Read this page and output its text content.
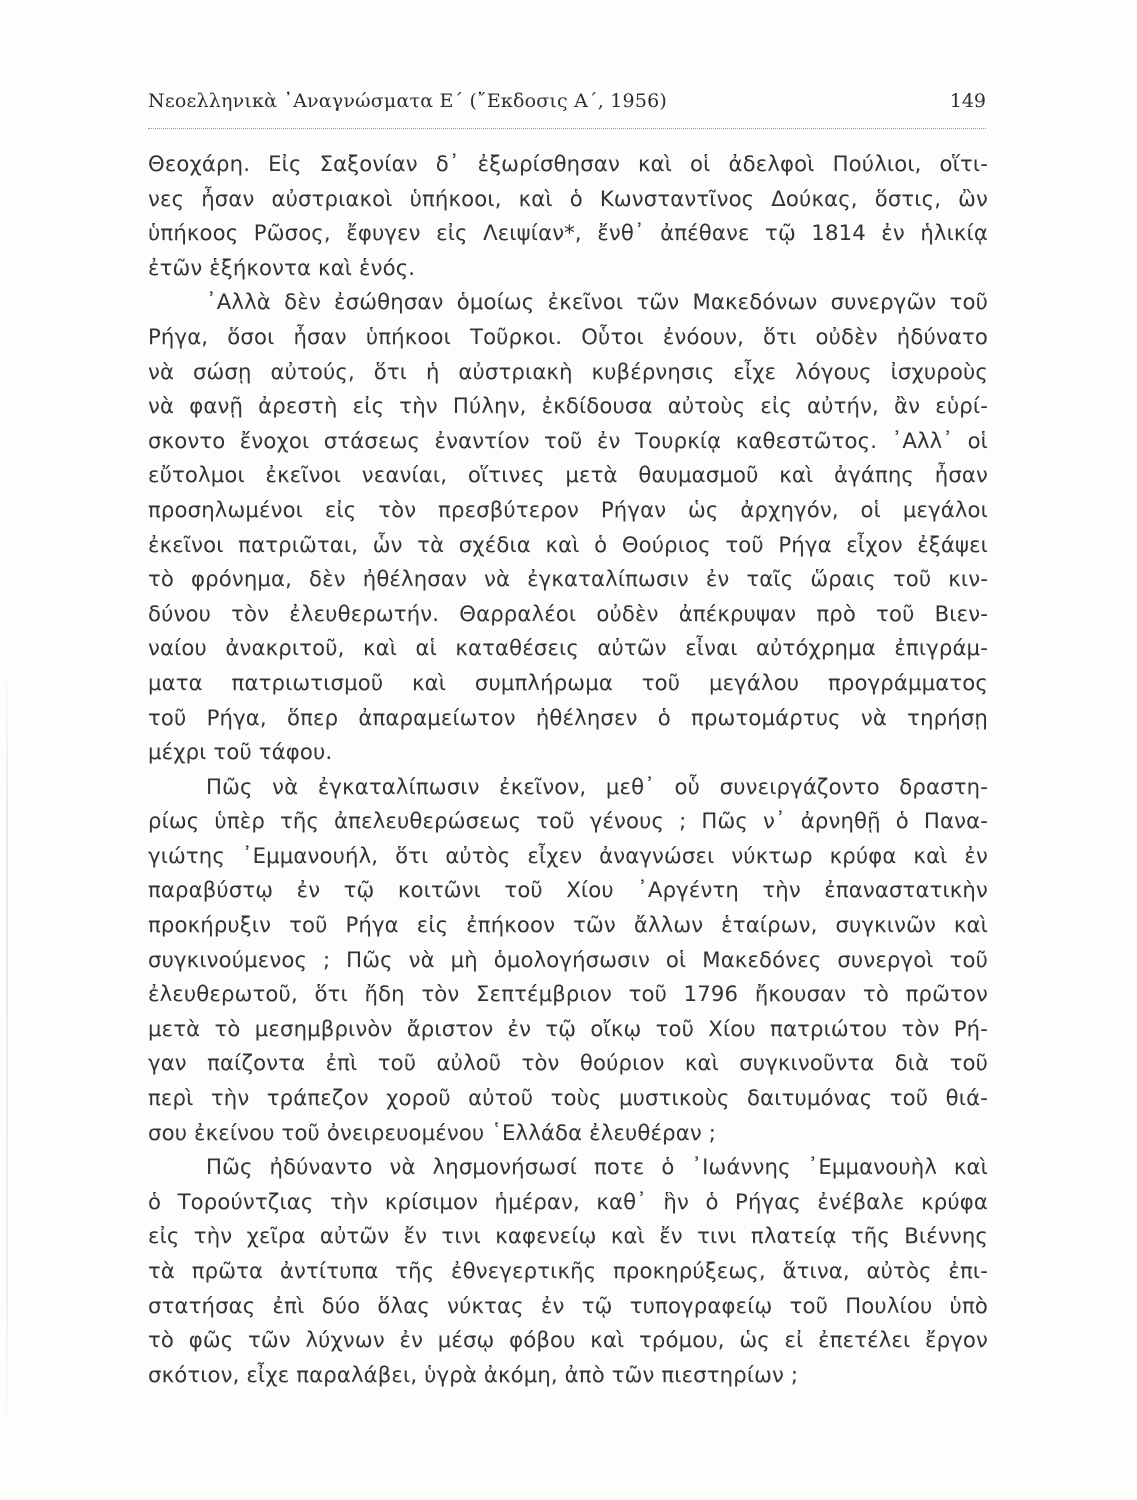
Νεοελληνικὰ ᾿Αναγνώσματα Ε΄ (῎Εκδοσις Α΄, 1956)	149
Θεοχάρη. Εἰς Σαξονίαν δ᾿ ἐξωρίσθησαν καὶ οἱ ἀδελφοὶ Πούλιοι, οἵτι-
νες ἦσαν αὐστριακοὶ ὑπήκοοι, καὶ ὁ Κωνσταντῖνος Δούκας, ὅστις, ὢν
ὑπήκοος Ρῶσος, ἔφυγεν εἰς Λειψίαν*, ἔνθ᾿ ἀπέθανε τῷ 1814 ἐν ἡλικίᾳ
ἐτῶν ἑξήκοντα καὶ ἑνός.
᾿Αλλὰ δὲν ἐσώθησαν ὁμοίως ἐκεῖνοι τῶν Μακεδόνων συνεργῶν τοῦ
Ρήγα, ὅσοι ἦσαν ὑπήκοοι Τοῦρκοι. Οὗτοι ἐνόουν, ὅτι οὐδὲν ἠδύνατο
νὰ σώσῃ αὐτούς, ὅτι ἡ αὐστριακὴ κυβέρνησις εἶχε λόγους ἰσχυροὺς
νὰ φανῇ ἀρεστὴ εἰς τὴν Πύλην, ἐκδίδουσα αὐτοὺς εἰς αὐτήν, ἂν εὑρί-
σκοντο ἔνοχοι στάσεως ἐναντίον τοῦ ἐν Τουρκίᾳ καθεστῶτος. ᾿Αλλ᾿ οἱ
εὔτολμοι ἐκεῖνοι νεανίαι, οἵτινες μετὰ θαυμασμοῦ καὶ ἀγάπης ἦσαν
προσηλωμένοι εἰς τὸν πρεσβύτερον Ρήγαν ὡς ἀρχηγόν, οἱ μεγάλοι
ἐκεῖνοι πατριῶται, ὧν τὰ σχέδια καὶ ὁ Θούριος τοῦ Ρήγα εἶχον ἐξάψει
τὸ φρόνημα, δὲν ἠθέλησαν νὰ ἐγκαταλίπωσιν ἐν ταῖς ὥραις τοῦ κιν-
δύνου τὸν ἐλευθερωτήν. Θαρραλέοι οὐδὲν ἀπέκρυψαν πρὸ τοῦ Βιεν-
ναίου ἀνακριτοῦ, καὶ αἱ καταθέσεις αὐτῶν εἶναι αὐτόχρημα ἐπιγράμ-
ματα πατριωτισμοῦ καὶ συμπλήρωμα τοῦ μεγάλου προγράμματος
τοῦ Ρήγα, ὅπερ ἀπαραμείωτον ἠθέλησεν ὁ πρωτομάρτυς νὰ τηρήσῃ
μέχρι τοῦ τάφου.
Πῶς νὰ ἐγκαταλίπωσιν ἐκεῖνον, μεθ᾿ οὗ συνειργάζοντο δραστη-
ρίως ὑπὲρ τῆς ἀπελευθερώσεως τοῦ γένους ; Πῶς ν᾿ ἀρνηθῇ ὁ Πανα-
γιώτης ᾿Εμμανουήλ, ὅτι αὐτὸς εἶχεν ἀναγνώσει νύκτωρ κρύφα καὶ ἐν
παραβύστῳ ἐν τῷ κοιτῶνι τοῦ Χίου ᾿Αργέντη τὴν ἐπαναστατικὴν
προκήρυξιν τοῦ Ρήγα εἰς ἐπήκοον τῶν ἄλλων ἑταίρων, συγκινῶν καὶ
συγκινούμενος ; Πῶς νὰ μὴ ὁμολογήσωσιν οἱ Μακεδόνες συνεργοὶ τοῦ
ἐλευθερωτοῦ, ὅτι ἤδη τὸν Σεπτέμβριον τοῦ 1796 ἤκουσαν τὸ πρῶτον
μετὰ τὸ μεσημβρινὸν ἄριστον ἐν τῷ οἴκῳ τοῦ Χίου πατριώτου τὸν Ρή-
γαν παίζοντα ἐπὶ τοῦ αὐλοῦ τὸν θούριον καὶ συγκινοῦντα διὰ τοῦ
περὶ τὴν τράπεζον χοροῦ αὐτοῦ τοὺς μυστικοὺς δαιτυμόνας τοῦ θιά-
σου ἐκείνου τοῦ ὀνειρευομένου ῾Ελλάδα ἐλευθέραν ;
Πῶς ἠδύναντο νὰ λησμονήσωσί ποτε ὁ ᾿Ιωάννης ᾿Εμμανουὴλ καὶ
ὁ Τορούντζιας τὴν κρίσιμον ἡμέραν, καθ᾿ ἣν ὁ Ρήγας ἐνέβαλε κρύφα
εἰς τὴν χεῖρα αὐτῶν ἔν τινι καφενείῳ καὶ ἔν τινι πλατείᾳ τῆς Βιέννης
τὰ πρῶτα ἀντίτυπα τῆς ἐθνεγερτικῆς προκηρύξεως, ἅτινα, αὐτὸς ἐπι-
στατήσας ἐπὶ δύο ὅλας νύκτας ἐν τῷ τυπογραφείῳ τοῦ Πουλίου ὑπὸ
τὸ φῶς τῶν λύχνων ἐν μέσῳ φόβου καὶ τρόμου, ὡς εἰ ἐπετέλει ἔργον
σκότιον, εἶχε παραλάβει, ὑγρὰ ἀκόμη, ἀπὸ τῶν πιεστηρίων ;
